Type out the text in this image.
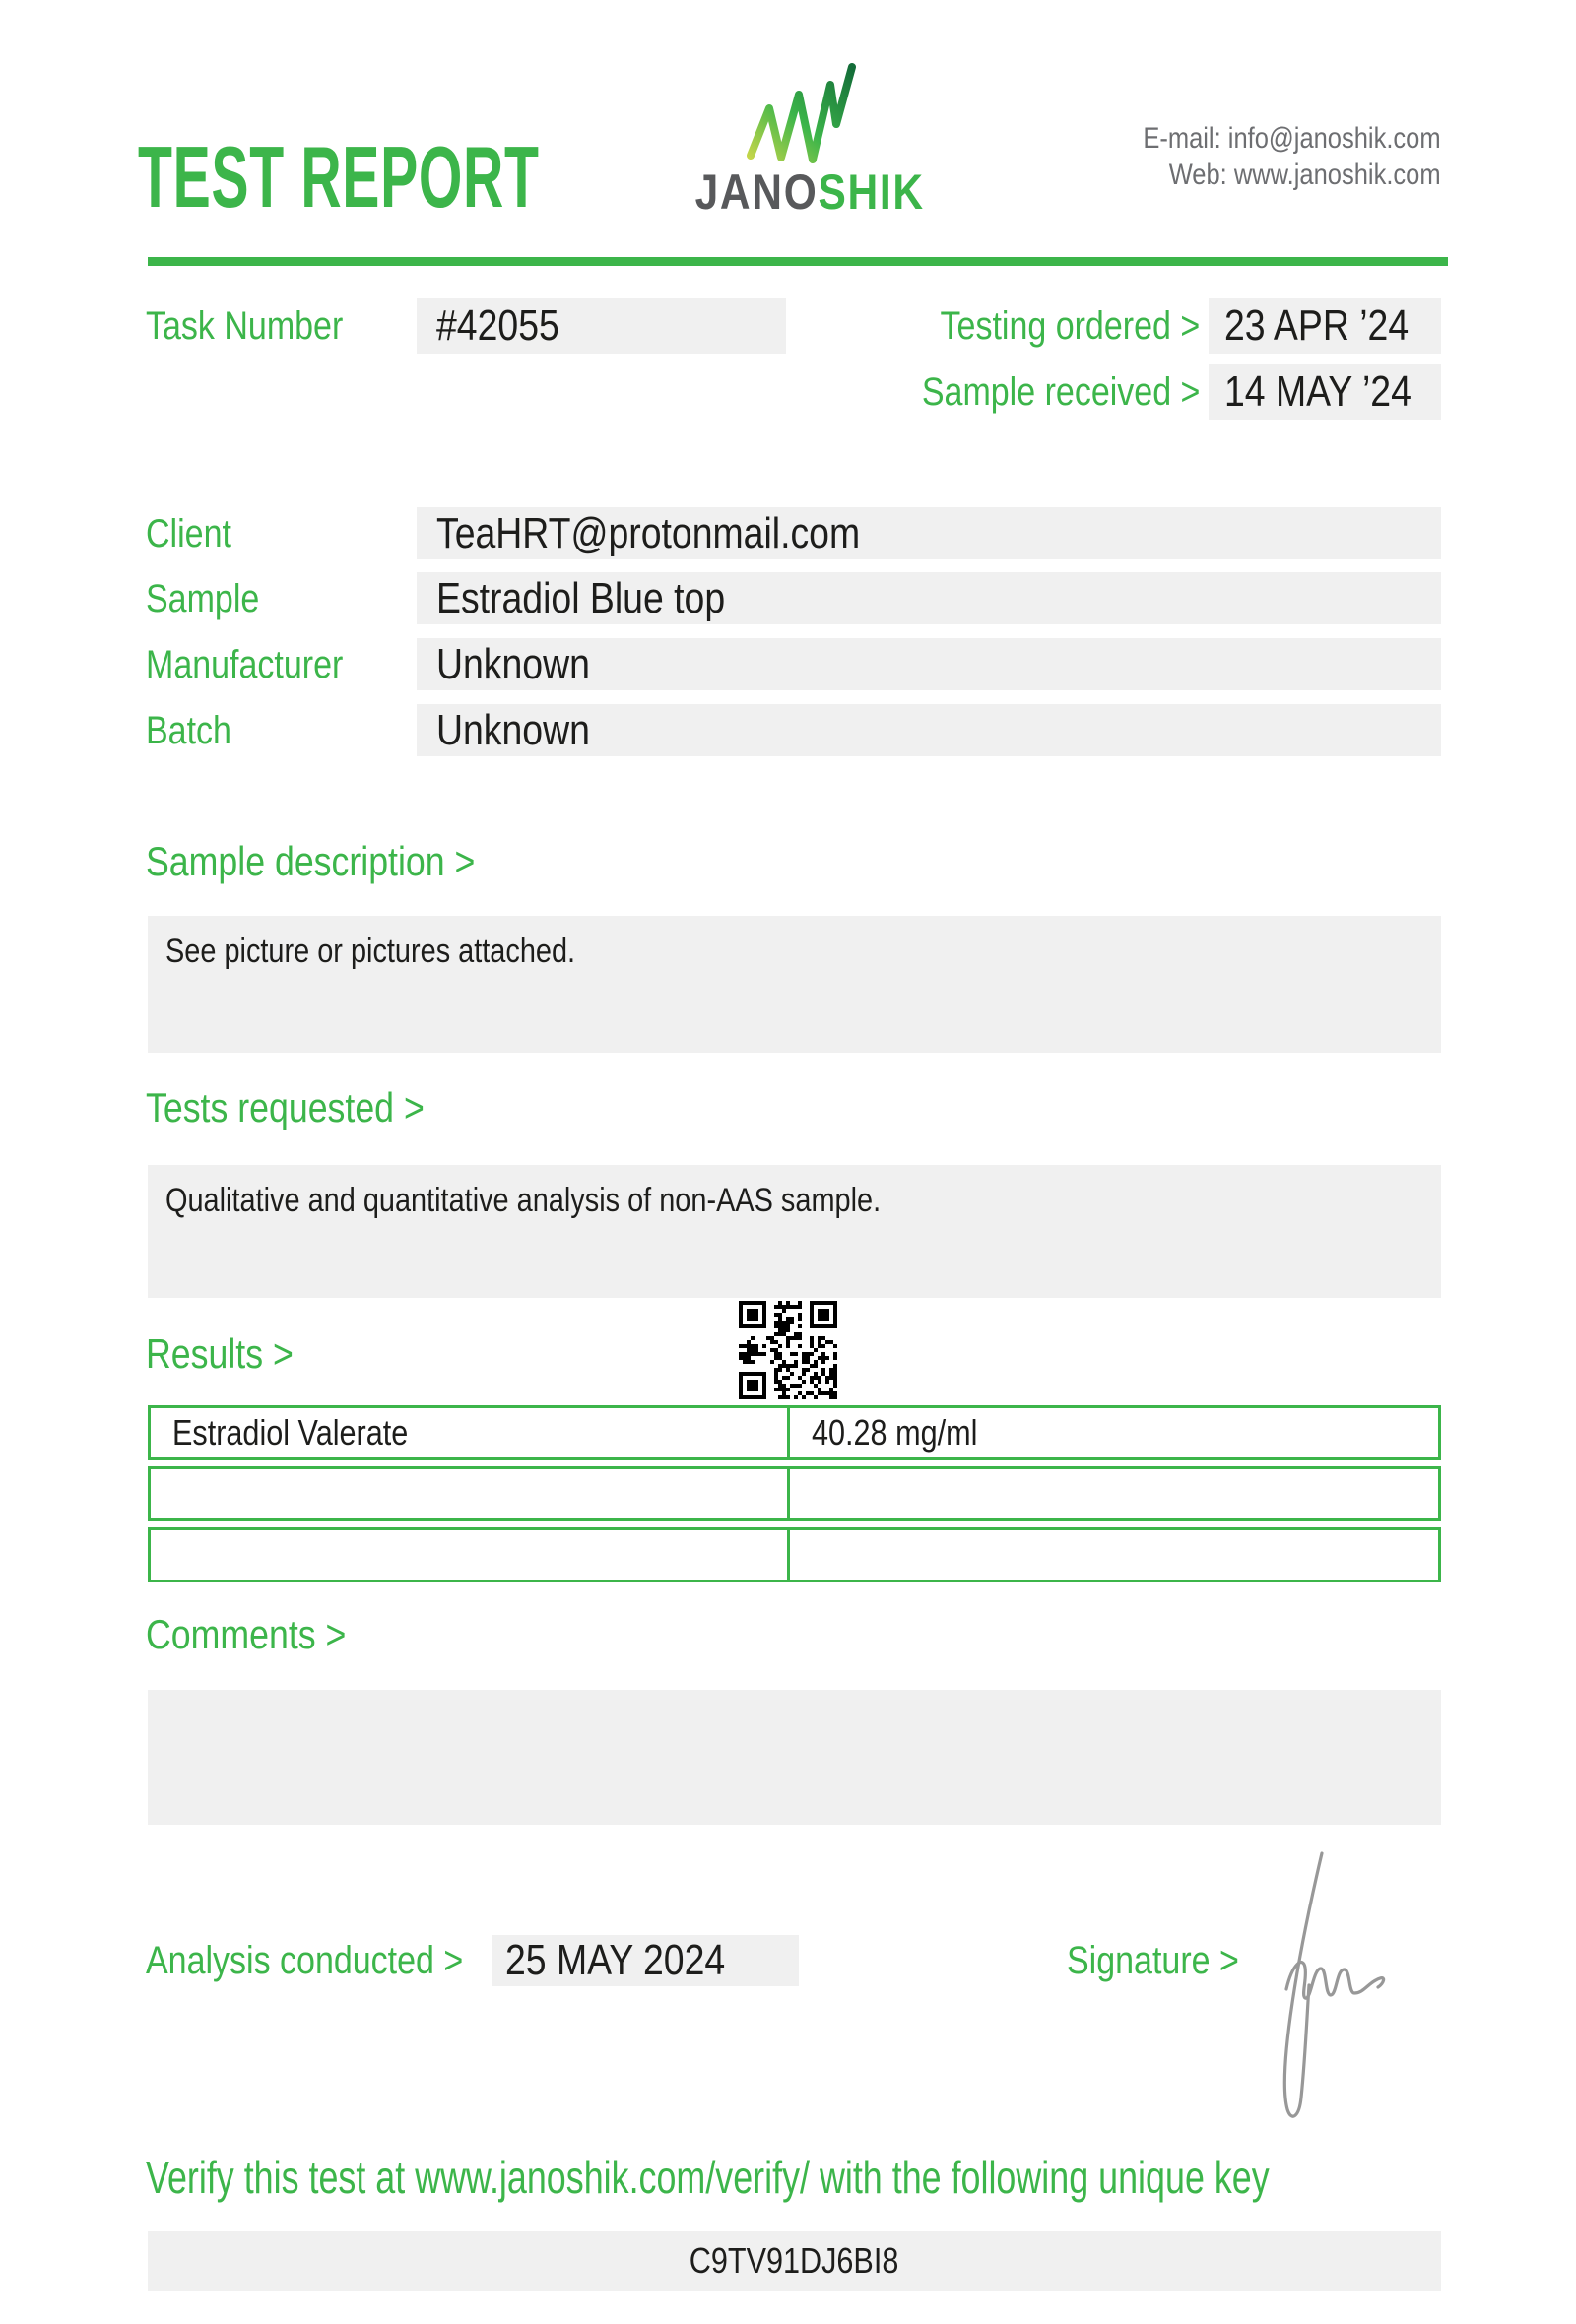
TEST REPORT	JANOSHIK
E-mail: info@janoshik.com
Web: www.janoshik.com
Task Number #42055	Testing ordered > 23 APR ’24
Sample received > 14 MAY ’24
Client	TeaHRT@protonmail.com
Sample	Estradiol Blue top
Manufacturer Unknown
Batch	Unknown
Sample description >
See picture or pictures attached.
Tests requested >
Qualitative and quantitative analysis of non-AAS sample.
Results >
Estradiol Valerate	40.28 mg/ml
Comments >
Analysis conducted > 25 MAY 2024	Signature >
Verify this test at www.janoshik.com/verify/ with the following unique key
C9TV91DJ6BI8
